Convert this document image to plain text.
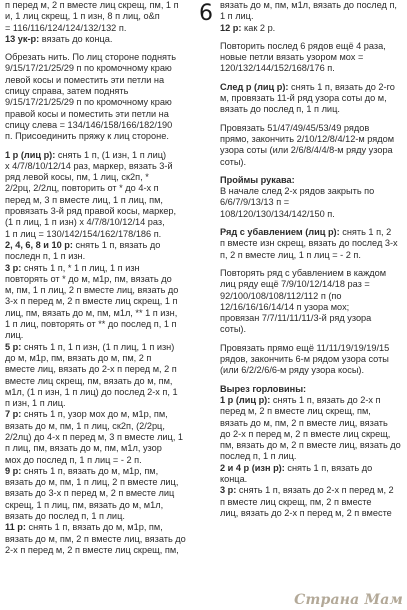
п перед м, 2 п вместе лиц скрещ, пм, 1 п
и, 1 лиц скрещ, 1 п изн, 8 п лиц, о&п
= 116/116/124/124/132/132 п.
13 ук-р: вязать до конца.
Обрезать нить. По лиц стороне поднять
9/15/17/21/25/29 п по кромочному краю
левой косы и поместить эти петли на
спицу справа, затем поднять
9/15/17/21/25/29 п по кромочному краю
правой косы и поместить эти петли на
спицу слева = 134/146/158/166/182/190
п. Присоединить пряжу к лиц стороне.
1 р (лиц р): снять 1 п, (1 изн, 1 п лиц)
x 4/7/8/10/12/14 раз, маркер, вязать 3-й
ряд левой косы, пм, 1 лиц, ск2п, *
2/2рц, 2/2лц, повторить от * до 4-х п
перед м, 3 п вместе лиц, 1 п лиц, пм,
провязать 3-й ряд правой косы, маркер,
(1 п лиц, 1 п изн) x 4/7/8/10/12/14 раз,
1 п лиц = 130/142/154/162/178/186 п.
2, 4, 6, 8 и 10 р: снять 1 п, вязать до
последн п, 1 п изн.
3 р: снять 1 п, * 1 п лиц, 1 п изн
повторять от * до м, м1р, пм, вязать до
м, пм, 1 п лиц, 2 п вместе лиц, вязать до
3-х п перед м, 2 п вместе лиц скрещ, 1 п
лиц, пм, вязать до м, пм, м1л, ** 1 п изн,
1 п лиц, повторять от ** до послед п, 1 п
лиц.
5 р: снять 1 п, 1 п изн, (1 п лиц, 1 п изн)
до м, м1р, пм, вязать до м, пм, 2 п
вместе лиц, вязать до 2-х п перед м, 2 п
вместе лиц скрещ, пм, вязать до м, пм,
м1л, (1 п изн, 1 п лиц) до послед 2-х п, 1
п изн, 1 п лиц.
7 р: снять 1 п, узор мох до м, м1р, пм,
вязать до м, пм, 1 п лиц, ск2п, (2/2рц,
2/2лц) до 4-х п перед м, 3 п вместе лиц, 1
п лиц, пм, вязать до м, пм, м1л, узор
мох до послед п, 1 п лиц = - 2 п.
9 р: снять 1 п, вязать до м, м1р, пм,
вязать до м, пм, 1 п лиц, 2 п вместе лиц,
вязать до 3-х п перед м, 2 п вместе лиц
скрещ, 1 п лиц, пм, вязать до м, м1л,
вязать до послед п, 1 п лиц.
11 р: снять 1 п, вязать до м, м1р, пм,
вязать до м, пм, 2 п вместе лиц, вязать до
2-х п перед м, 2 п вместе лиц скрещ, пм,
6 вязать до м, пм, м1л, вязать до послед п,
1 п лиц.
12 р: как 2 р.
Повторить послед 6 рядов ещё 4 раза,
новые петли вязать узором мох =
120/132/144/152/168/176 п.
След р (лиц р): снять 1 п, вязать до 2-го
м, провязать 11-й ряд узора соты до м,
вязать до послед п, 1 п лиц.
Провязать 51/47/49/45/53/49 рядов
прямо, закончить 2/10/12/8/4/12-м рядом
узора соты (или 2/6/8/4/4/8-м ряду узора
соты).
Проймы рукава:
В начале след 2-х рядов закрыть по
6/6/7/9/13/13 п =
108/120/130/134/142/150 п.
Ряд с убавлением (лиц р): снять 1 п, 2
п вместе изн скрещ, вязать до послед 3-х
п, 2 п вместе лиц, 1 п лиц = - 2 п.
Повторять ряд с убавлением в каждом
лиц ряду ещё 7/9/10/12/14/18 раз =
92/100/108/108/112/112 п (по
12/16/16/16/14/14 п узора мох;
провязан 7/7/11/11/11/3-й ряд узора
соты).
Провязать прямо ещё 11/11/19/19/19/15
рядов, закончить 6-м рядом узора соты
(или 6/2/2/6/6-м ряду узора косы).
Вырез горловины:
1 р (лиц р): снять 1 п, вязать до 2-х п
перед м, 2 п вместе лиц скрещ, пм,
вязать до м, пм, 2 п вместе лиц, вязать
до 2-х п перед м, 2 п вместе лиц скрещ,
пм, вязать до м, 2 п вместе лиц, вязать до
послед п, 1 п лиц.
2 и 4 р (изн р): снять 1 п, вязать до
конца.
3 р: снять 1 п, вязать до 2-х п перед м, 2
п вместе лиц скрещ, пм, 2 п вместе
лиц, вязать до 2-х п перед м, 2 п вместе
Страна Мам
